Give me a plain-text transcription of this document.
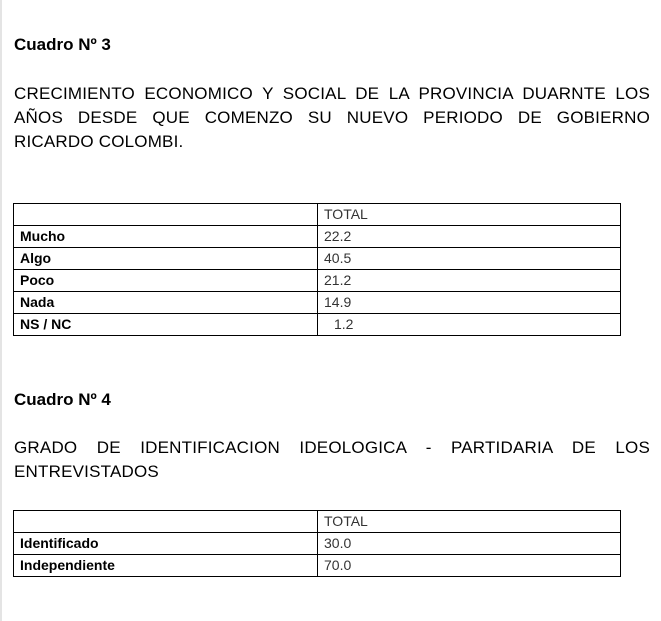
Cuadro Nº 3

CRECIMIENTO ECONOMICO Y SOCIAL DE LA PROVINCIA DUARNTE LOS AÑOS DESDE QUE COMENZO SU NUEVO PERIODO DE GOBIERNO RICARDO COLOMBI.

	TOTAL
Mucho	22.2
Algo	40.5
Poco	21.2
Nada	14.9
NS / NC	1.2
Cuadro Nº 4

GRADO DE IDENTIFICACION IDEOLOGICA - PARTIDARIA DE LOS ENTREVISTADOS

	TOTAL
Identificado	30.0
Independiente	70.0
